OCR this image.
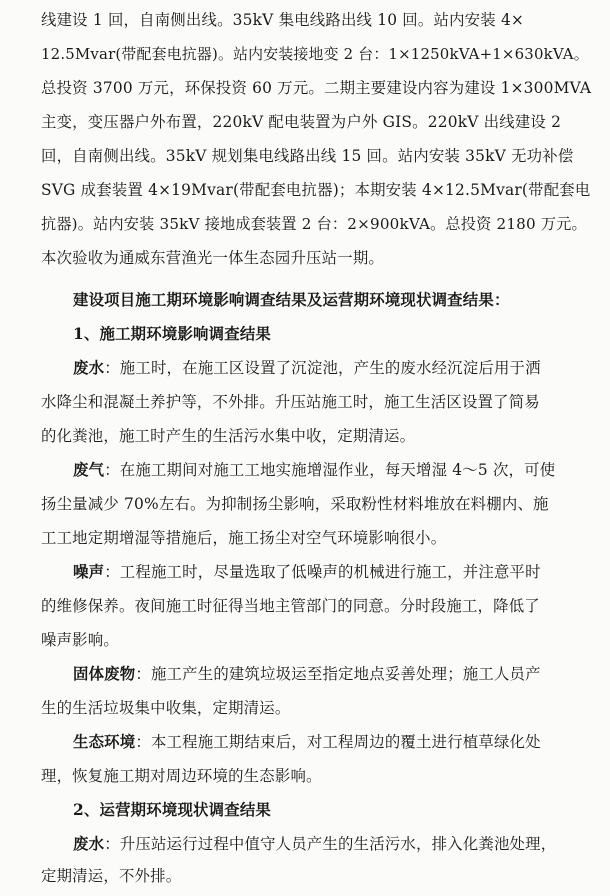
线建设 1 回，自南侧出线。35kV 集电线路出线 10 回。站内安装 4×
12.5Mvar(带配套电抗器)。站内安装接地变 2 台：1×1250kVA+1×630kVA。
总投资 3700 万元，环保投资 60 万元。二期主要建设内容为建设 1×300MVA
主变，变压器户外布置，220kV 配电装置为户外 GIS。220kV 出线建设 2
回，自南侧出线。35kV 规划集电线路出线 15 回。站内安装 35kV 无功补偿
SVG 成套装置 4×19Mvar(带配套电抗器)；本期安装 4×12.5Mvar(带配套电
抗器)。站内安装 35kV 接地成套装置 2 台：2×900kVA。总投资 2180 万元。
本次验收为通威东营渔光一体生态园升压站一期。
建设项目施工期环境影响调查结果及运营期环境现状调查结果：
1、施工期环境影响调查结果
废水：施工时，在施工区设置了沉淀池，产生的废水经沉淀后用于洒
水降尘和混凝土养护等，不外排。升压站施工时，施工生活区设置了简易
的化粪池，施工时产生的生活污水集中收，定期清运。
废气：在施工期间对施工工地实施增湿作业，每天增湿 4～5 次，可使
扬尘量减少 70%左右。为抑制扬尘影响，采取粉性材料堆放在料棚内、施
工工地定期增湿等措施后，施工扬尘对空气环境影响很小。
噪声：工程施工时，尽量选取了低噪声的机械进行施工，并注意平时
的维修保养。夜间施工时征得当地主管部门的同意。分时段施工，降低了
噪声影响。
固体废物：施工产生的建筑垃圾运至指定地点妥善处理；施工人员产
生的生活垃圾集中收集，定期清运。
生态环境：本工程施工期结束后，对工程周边的覆土进行植草绿化处
理，恢复施工期对周边环境的生态影响。
2、运营期环境现状调查结果
废水：升压站运行过程中值守人员产生的生活污水，排入化粪池处理，
定期清运，不外排。
